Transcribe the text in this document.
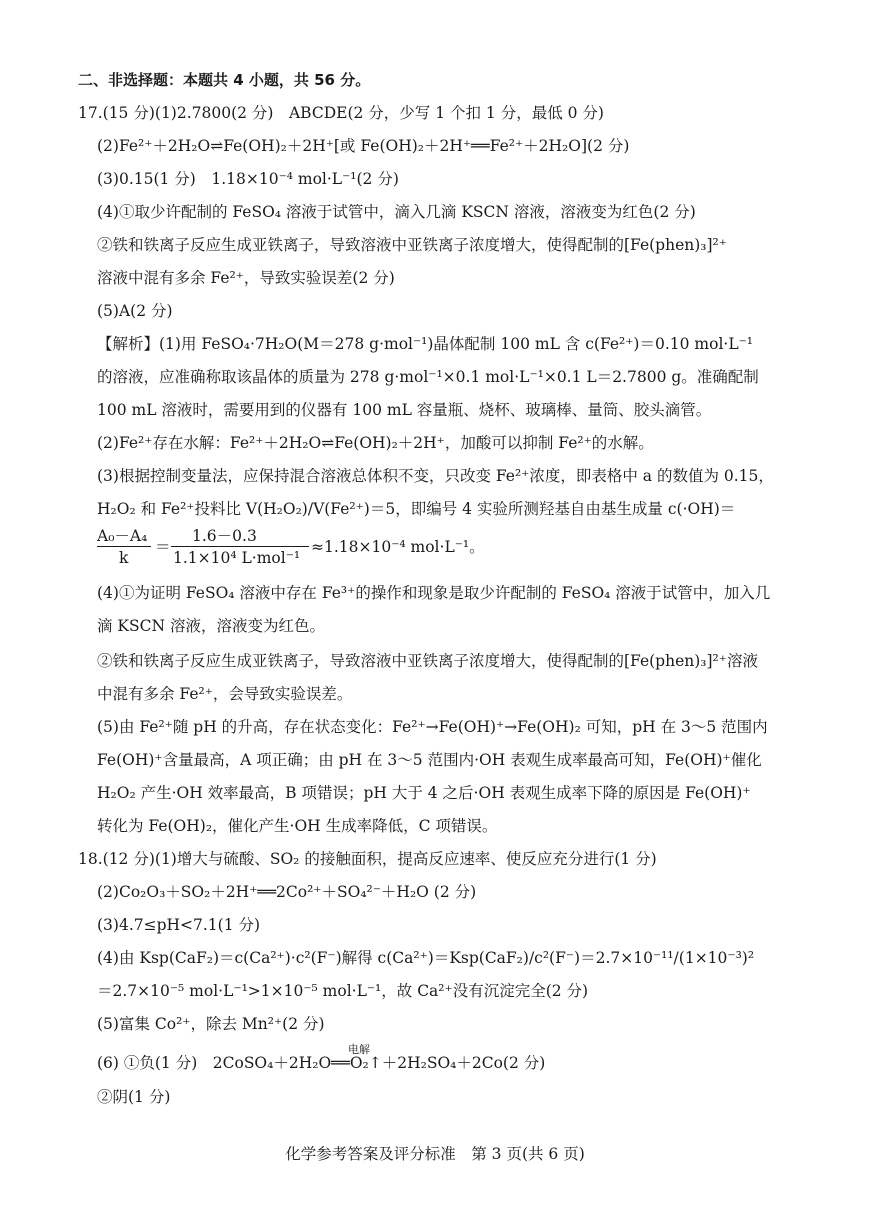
二、非选择题：本题共 4 小题，共 56 分。
17.(15 分)(1)2.7800(2 分)　ABCDE(2 分，少写 1 个扣 1 分，最低 0 分)
(2)Fe²⁺＋2H₂O⇌Fe(OH)₂＋2H⁺[或 Fe(OH)₂＋2H⁺══Fe²⁺＋2H₂O](2 分)
(3)0.15(1 分)　1.18×10⁻⁴ mol·L⁻¹(2 分)
(4)①取少许配制的 FeSO₄ 溶液于试管中，滴入几滴 KSCN 溶液，溶液变为红色(2 分)
②铁和铁离子反应生成亚铁离子，导致溶液中亚铁离子浓度增大，使得配制的[Fe(phen)₃]²⁺
溶液中混有多余 Fe²⁺，导致实验误差(2 分)
(5)A(2 分)
【解析】(1)用 FeSO₄·7H₂O(M＝278 g·mol⁻¹)晶体配制 100 mL 含 c(Fe²⁺)＝0.10 mol·L⁻¹
的溶液，应准确称取该晶体的质量为 278 g·mol⁻¹×0.1 mol·L⁻¹×0.1 L＝2.7800 g。准确配制
100 mL 溶液时，需要用到的仪器有 100 mL 容量瓶、烧杯、玻璃棒、量筒、胶头滴管。
(2)Fe²⁺存在水解：Fe²⁺＋2H₂O⇌Fe(OH)₂＋2H⁺，加酸可以抑制 Fe²⁺的水解。
(3)根据控制变量法，应保持混合溶液总体积不变，只改变 Fe²⁺浓度，即表格中 a 的数值为 0.15，
H₂O₂ 和 Fe²⁺投料比 V(H₂O₂)/V(Fe²⁺)＝5，即编号 4 实验所测羟基自由基生成量 c(·OH)＝
A₀－A₄
k
＝
1.6－0.3
1.1×10⁴ L·mol⁻¹
≈1.18×10⁻⁴ mol·L⁻¹。
(4)①为证明 FeSO₄ 溶液中存在 Fe³⁺的操作和现象是取少许配制的 FeSO₄ 溶液于试管中，加入几
滴 KSCN 溶液，溶液变为红色。
②铁和铁离子反应生成亚铁离子，导致溶液中亚铁离子浓度增大，使得配制的[Fe(phen)₃]²⁺溶液
中混有多余 Fe²⁺，会导致实验误差。
(5)由 Fe²⁺随 pH 的升高，存在状态变化：Fe²⁺→Fe(OH)⁺→Fe(OH)₂ 可知，pH 在 3～5 范围内
Fe(OH)⁺含量最高，A 项正确；由 pH 在 3～5 范围内·OH 表观生成率最高可知，Fe(OH)⁺催化
H₂O₂ 产生·OH 效率最高，B 项错误；pH 大于 4 之后·OH 表观生成率下降的原因是 Fe(OH)⁺
转化为 Fe(OH)₂，催化产生·OH 生成率降低，C 项错误。
18.(12 分)(1)增大与硫酸、SO₂ 的接触面积，提高反应速率、使反应充分进行(1 分)
(2)Co₂O₃＋SO₂＋2H⁺══2Co²⁺＋SO₄²⁻＋H₂O (2 分)
(3)4.7≤pH<7.1(1 分)
(4)由 Ksp(CaF₂)＝c(Ca²⁺)·c²(F⁻)解得 c(Ca²⁺)＝Ksp(CaF₂)/c²(F⁻)＝2.7×10⁻¹¹/(1×10⁻³)²
＝2.7×10⁻⁵ mol·L⁻¹>1×10⁻⁵ mol·L⁻¹，故 Ca²⁺没有沉淀完全(2 分)
(5)富集 Co²⁺，除去 Mn²⁺(2 分)
电解
(6) ①负(1 分)　2CoSO₄＋2H₂O══O₂↑＋2H₂SO₄＋2Co(2 分)
②阴(1 分)
化学参考答案及评分标准　第 3 页(共 6 页)
